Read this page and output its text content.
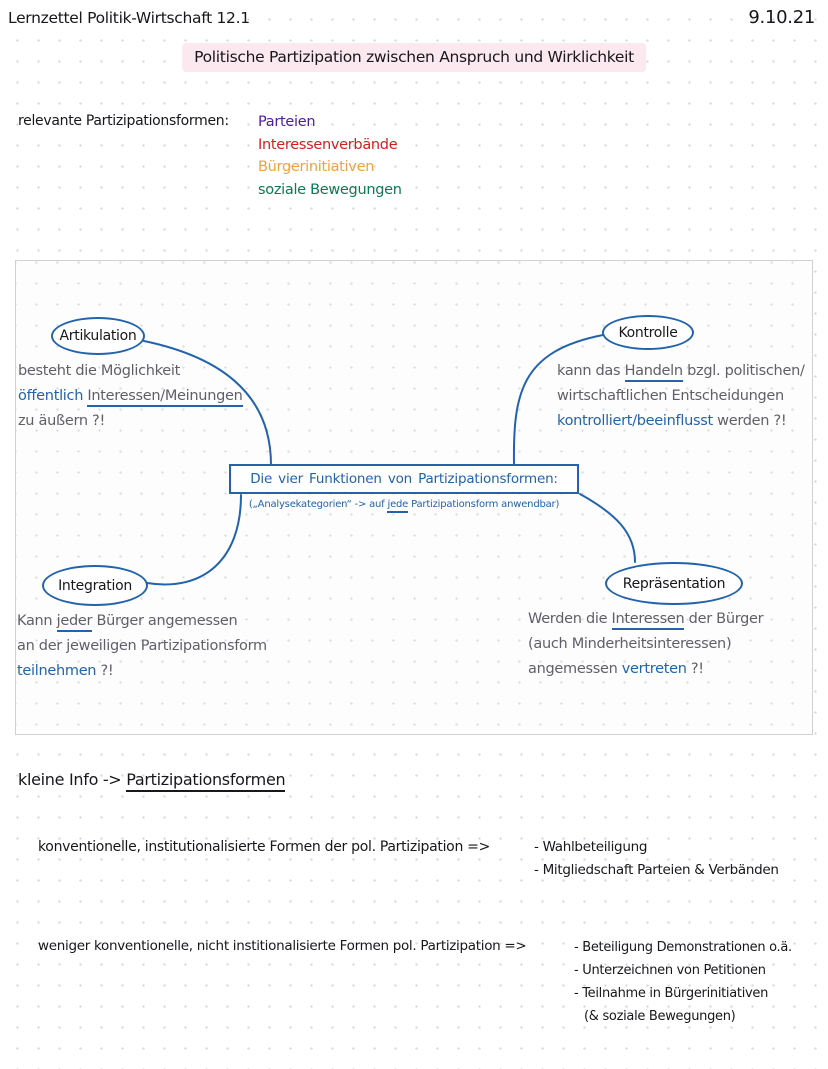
Lernzettel Politik-Wirtschaft 12.1	9.10.21
Politische Partizipation zwischen Anspruch und Wirklichkeit
relevante Partizipationsformen: Parteien
Interessenverbände
Bürgerinitiativen
soziale Bewegungen
Artikulation	Kontrolle
Integration	Repräsentation
Die vier Funktionen von Partizipationsformen:
(„Analysekategorien“ -> auf jede Partizipationsform anwendbar)
besteht die Möglichkeit
öffentlich Interessen/Meinungen
zu äußern ?!
kann das Handeln bzgl. politischen/
wirtschaftlichen Entscheidungen
kontrolliert/beeinflusst werden ?!
Kann jeder Bürger angemessen
an der jeweiligen Partizipationsform
teilnehmen ?!
Werden die Interessen der Bürger
(auch Minderheitsinteressen)
angemessen vertreten ?!
kleine Info -> Partizipationsformen
konventionelle, institutionalisierte Formen der pol. Partizipation =>	- Wahlbeteiligung
- Mitgliedschaft Parteien & Verbänden
weniger konventionelle, nicht institionalisierte Formen pol. Partizipation =>	- Beteiligung Demonstrationen o.ä.
- Unterzeichnen von Petitionen
- Teilnahme in Bürgerinitiativen
(& soziale Bewegungen)
